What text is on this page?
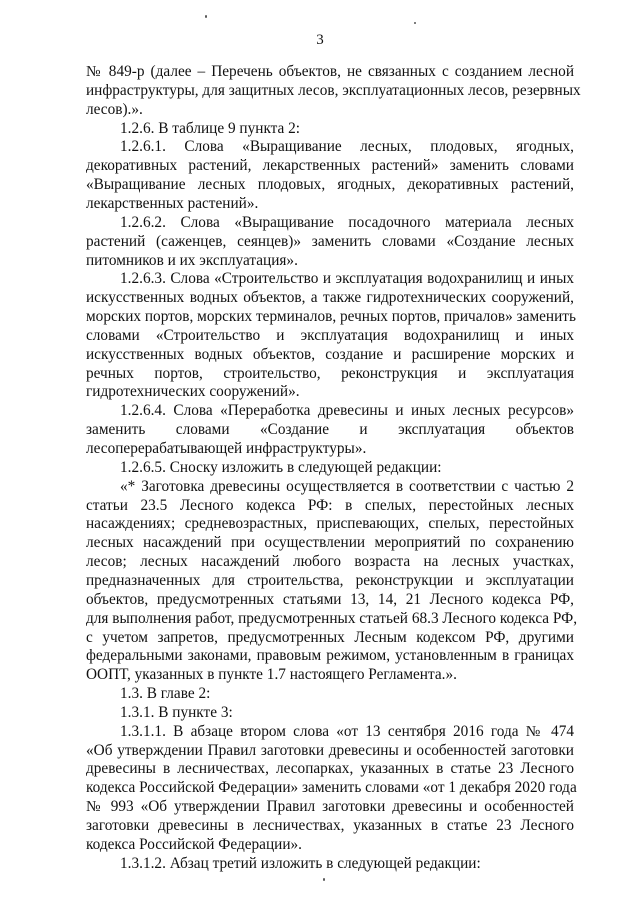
3
№ 849-р (далее – Перечень объектов, не связанных с созданием лесной
инфраструктуры, для защитных лесов, эксплуатационных лесов, резервных
лесов).».
1.2.6. В таблице 9 пункта 2:
1.2.6.1. Слова «Выращивание лесных, плодовых, ягодных,
декоративных растений, лекарственных растений» заменить словами
«Выращивание лесных плодовых, ягодных, декоративных растений,
лекарственных растений».
1.2.6.2. Слова «Выращивание посадочного материала лесных
растений (саженцев, сеянцев)» заменить словами «Создание лесных
питомников и их эксплуатация».
1.2.6.3. Слова «Строительство и эксплуатация водохранилищ и иных
искусственных водных объектов, а также гидротехнических сооружений,
морских портов, морских терминалов, речных портов, причалов» заменить
словами «Строительство и эксплуатация водохранилищ и иных
искусственных водных объектов, создание и расширение морских и
речных портов, строительство, реконструкция и эксплуатация
гидротехнических сооружений».
1.2.6.4. Слова «Переработка древесины и иных лесных ресурсов»
заменить словами «Создание и эксплуатация объектов
лесоперерабатывающей инфраструктуры».
1.2.6.5. Сноску изложить в следующей редакции:
«* Заготовка древесины осуществляется в соответствии с частью 2
статьи 23.5 Лесного кодекса РФ: в спелых, перестойных лесных
насаждениях; средневозрастных, приспевающих, спелых, перестойных
лесных насаждений при осуществлении мероприятий по сохранению
лесов; лесных насаждений любого возраста на лесных участках,
предназначенных для строительства, реконструкции и эксплуатации
объектов, предусмотренных статьями 13, 14, 21 Лесного кодекса РФ,
для выполнения работ, предусмотренных статьей 68.3 Лесного кодекса РФ,
с учетом запретов, предусмотренных Лесным кодексом РФ, другими
федеральными законами, правовым режимом, установленным в границах
ООПТ, указанных в пункте 1.7 настоящего Регламента.».
1.3. В главе 2:
1.3.1. В пункте 3:
1.3.1.1. В абзаце втором слова «от 13 сентября 2016 года № 474
«Об утверждении Правил заготовки древесины и особенностей заготовки
древесины в лесничествах, лесопарках, указанных в статье 23 Лесного
кодекса Российской Федерации» заменить словами «от 1 декабря 2020 года
№ 993 «Об утверждении Правил заготовки древесины и особенностей
заготовки древесины в лесничествах, указанных в статье 23 Лесного
кодекса Российской Федерации».
1.3.1.2. Абзац третий изложить в следующей редакции:
